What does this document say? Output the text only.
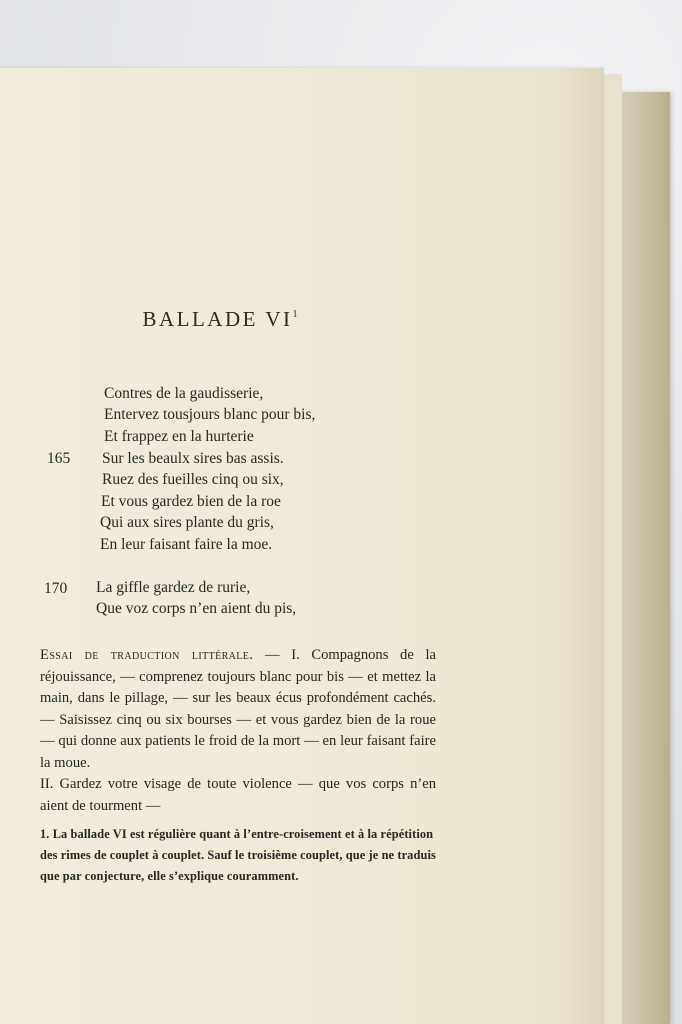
BALLADE $VI^1$
Contres de la gaudisserie,
Entervez tousjours blanc pour bis,
Et frappez en la hurterie
165 Sur les beaulx sires bas assis.
Ruez des fueilles cinq ou six,
Et vous gardez bien de la roe
Qui aux sires plante du gris,
En leur faisant faire la moe.
170 La giffle gardez de rurie,
Que voz corps n’en aient du pis,

Essai de traduction littérale. — I. Compagnons de la réjouissance, — comprenez toujours blanc pour bis — et mettez la main, dans le pillage, — sur les beaux écus profondément cachés. — Saisissez cinq ou six bourses — et vous gardez bien de la roue — qui donne aux patients le froid de la mort — en leur faisant faire la moue.

II. Gardez votre visage de toute violence — que vos corps n’en aient de tourment —

1. La ballade VI est régulière quant à l’entre-croisement et à la répétition des rimes de couplet à couplet. Sauf le troisième couplet, que je ne traduis que par conjecture, elle s’explique couramment.
